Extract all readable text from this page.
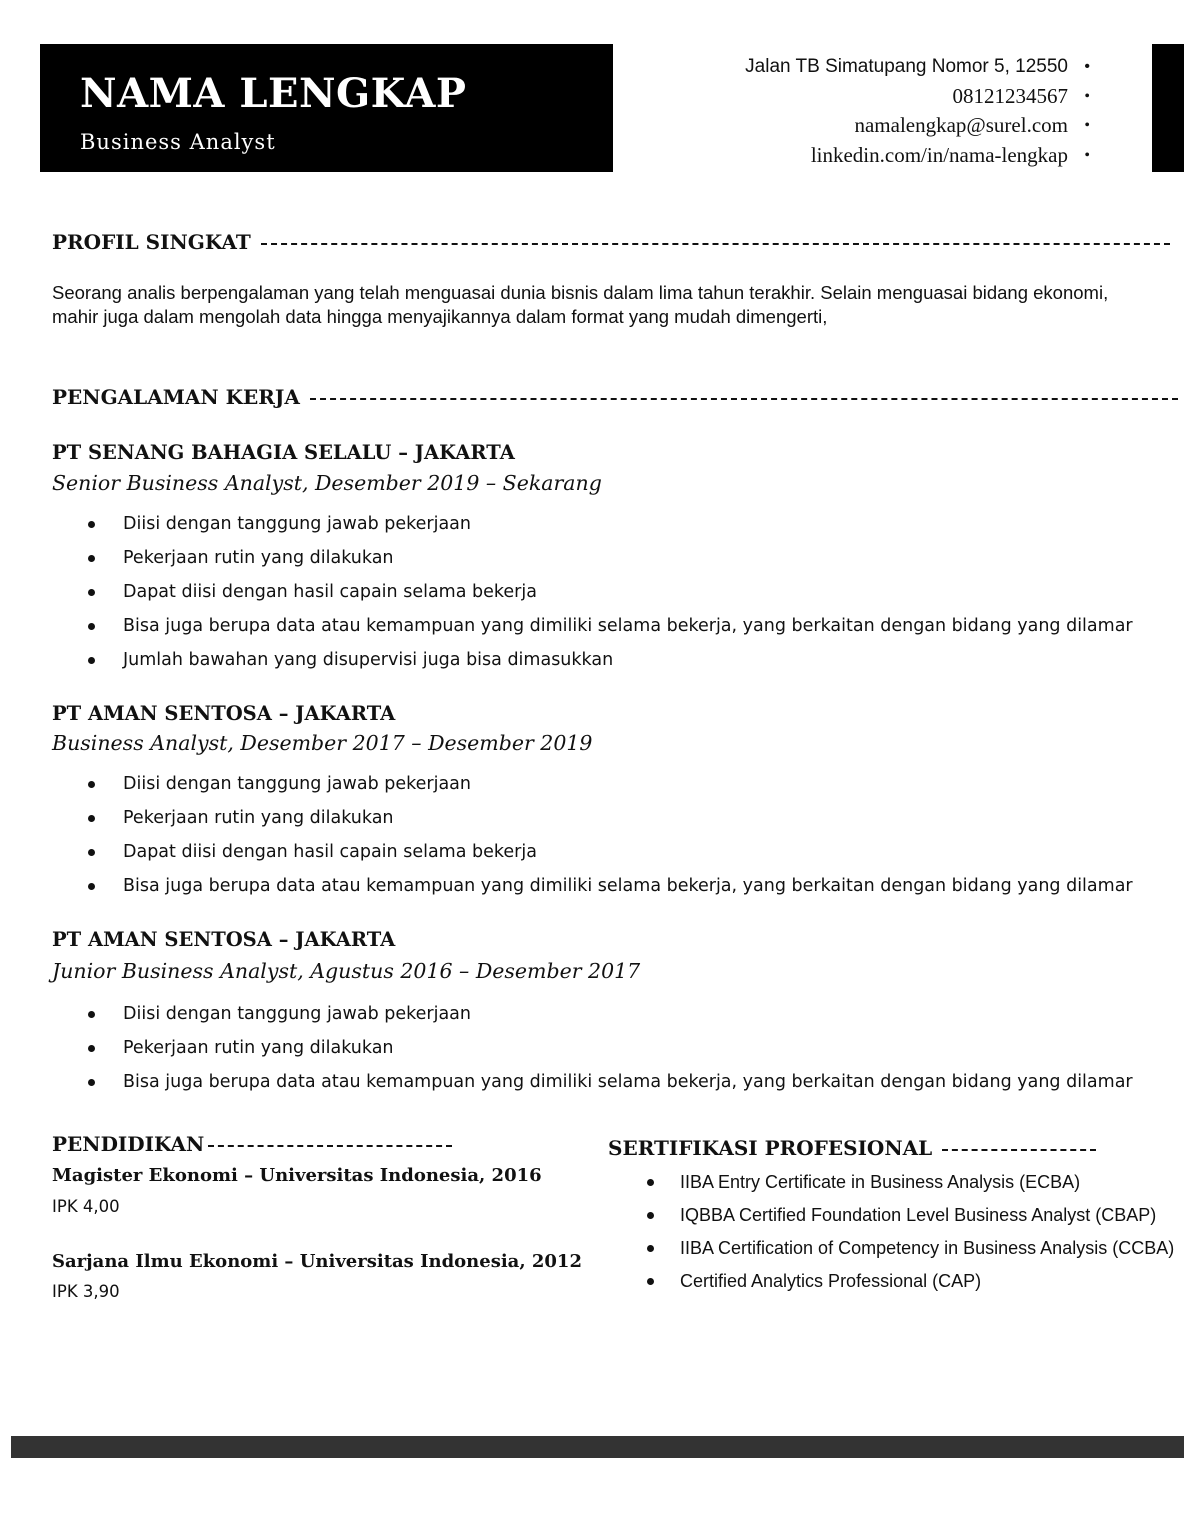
NAMA LENGKAP
Business Analyst
Jalan TB Simatupang Nomor 5, 12550	•
08121234567	•
namalengkap@surel.com	•
linkedin.com/in/nama-lengkap	•
PROFIL SINGKAT
Seorang analis berpengalaman yang telah menguasai dunia bisnis dalam lima tahun terakhir. Selain menguasai bidang ekonomi, mahir juga dalam mengolah data hingga menyajikannya dalam format yang mudah dimengerti,
PENGALAMAN KERJA
PT SENANG BAHAGIA SELALU – JAKARTA
Senior Business Analyst, Desember 2019 – Sekarang
Diisi dengan tanggung jawab pekerjaan
Pekerjaan rutin yang dilakukan
Dapat diisi dengan hasil capain selama bekerja
Bisa juga berupa data atau kemampuan yang dimiliki selama bekerja, yang berkaitan dengan bidang yang dilamar
Jumlah bawahan yang disupervisi juga bisa dimasukkan
PT AMAN SENTOSA – JAKARTA
Business Analyst, Desember 2017 – Desember 2019
Diisi dengan tanggung jawab pekerjaan
Pekerjaan rutin yang dilakukan
Dapat diisi dengan hasil capain selama bekerja
Bisa juga berupa data atau kemampuan yang dimiliki selama bekerja, yang berkaitan dengan bidang yang dilamar
PT AMAN SENTOSA – JAKARTA
Junior Business Analyst, Agustus 2016 – Desember 2017
Diisi dengan tanggung jawab pekerjaan
Pekerjaan rutin yang dilakukan
Bisa juga berupa data atau kemampuan yang dimiliki selama bekerja, yang berkaitan dengan bidang yang dilamar
PENDIDIKAN
Magister Ekonomi – Universitas Indonesia, 2016
IPK 4,00
Sarjana Ilmu Ekonomi – Universitas Indonesia, 2012
IPK 3,90
SERTIFIKASI PROFESIONAL
IIBA Entry Certificate in Business Analysis (ECBA)
IQBBA Certified Foundation Level Business Analyst (CBAP)
IIBA Certification of Competency in Business Analysis (CCBA)
Certified Analytics Professional (CAP)
